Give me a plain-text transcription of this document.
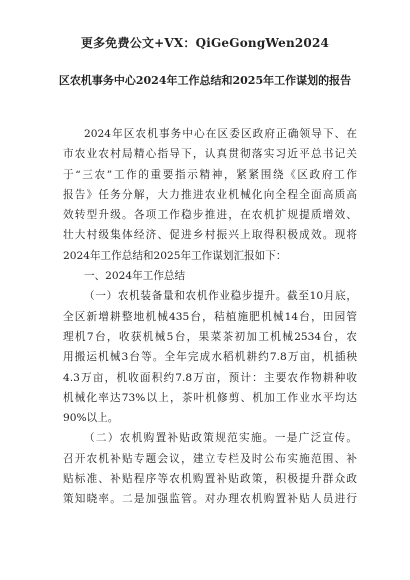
更多免费公文+VX：QiGeGongWen2024
区农机事务中心2024年工作总结和2025年工作谋划的报告
2024年区农机事务中心在区委区政府正确领导下、在
市农业农村局精心指导下，认真贯彻落实习近平总书记关
于“三农”工作的重要指示精神，紧紧围绕《区政府工作
报告》任务分解，大力推进农业机械化向全程全面高质高
效转型升级。各项工作稳步推进，在农机扩规提质增效、
壮大村级集体经济、促进乡村振兴上取得积极成效。现将
2024年工作总结和2025年工作谋划汇报如下：
一、2024年工作总结
（一）农机装备量和农机作业稳步提升。截至10月底，
全区新增耕整地机械435台，秸植施肥机械14台，田园管
理机7台，收获机械5台，果菜茶初加工机械2534台，农
用搬运机械3台等。全年完成水稻机耕约7.8万亩，机插秧
4.3万亩，机收面积约7.8万亩，预计：主要农作物耕种收
机械化率达73%以上，茶叶机修剪、机加工作业水平均达
90%以上。
（二）农机购置补贴政策规范实施。一是广泛宣传。
召开农机补贴专题会议，建立专栏及时公布实施范围、补
贴标准、补贴程序等农机购置补贴政策，积极提升群众政
策知晓率。二是加强监管。对办理农机购置补贴人员进行
